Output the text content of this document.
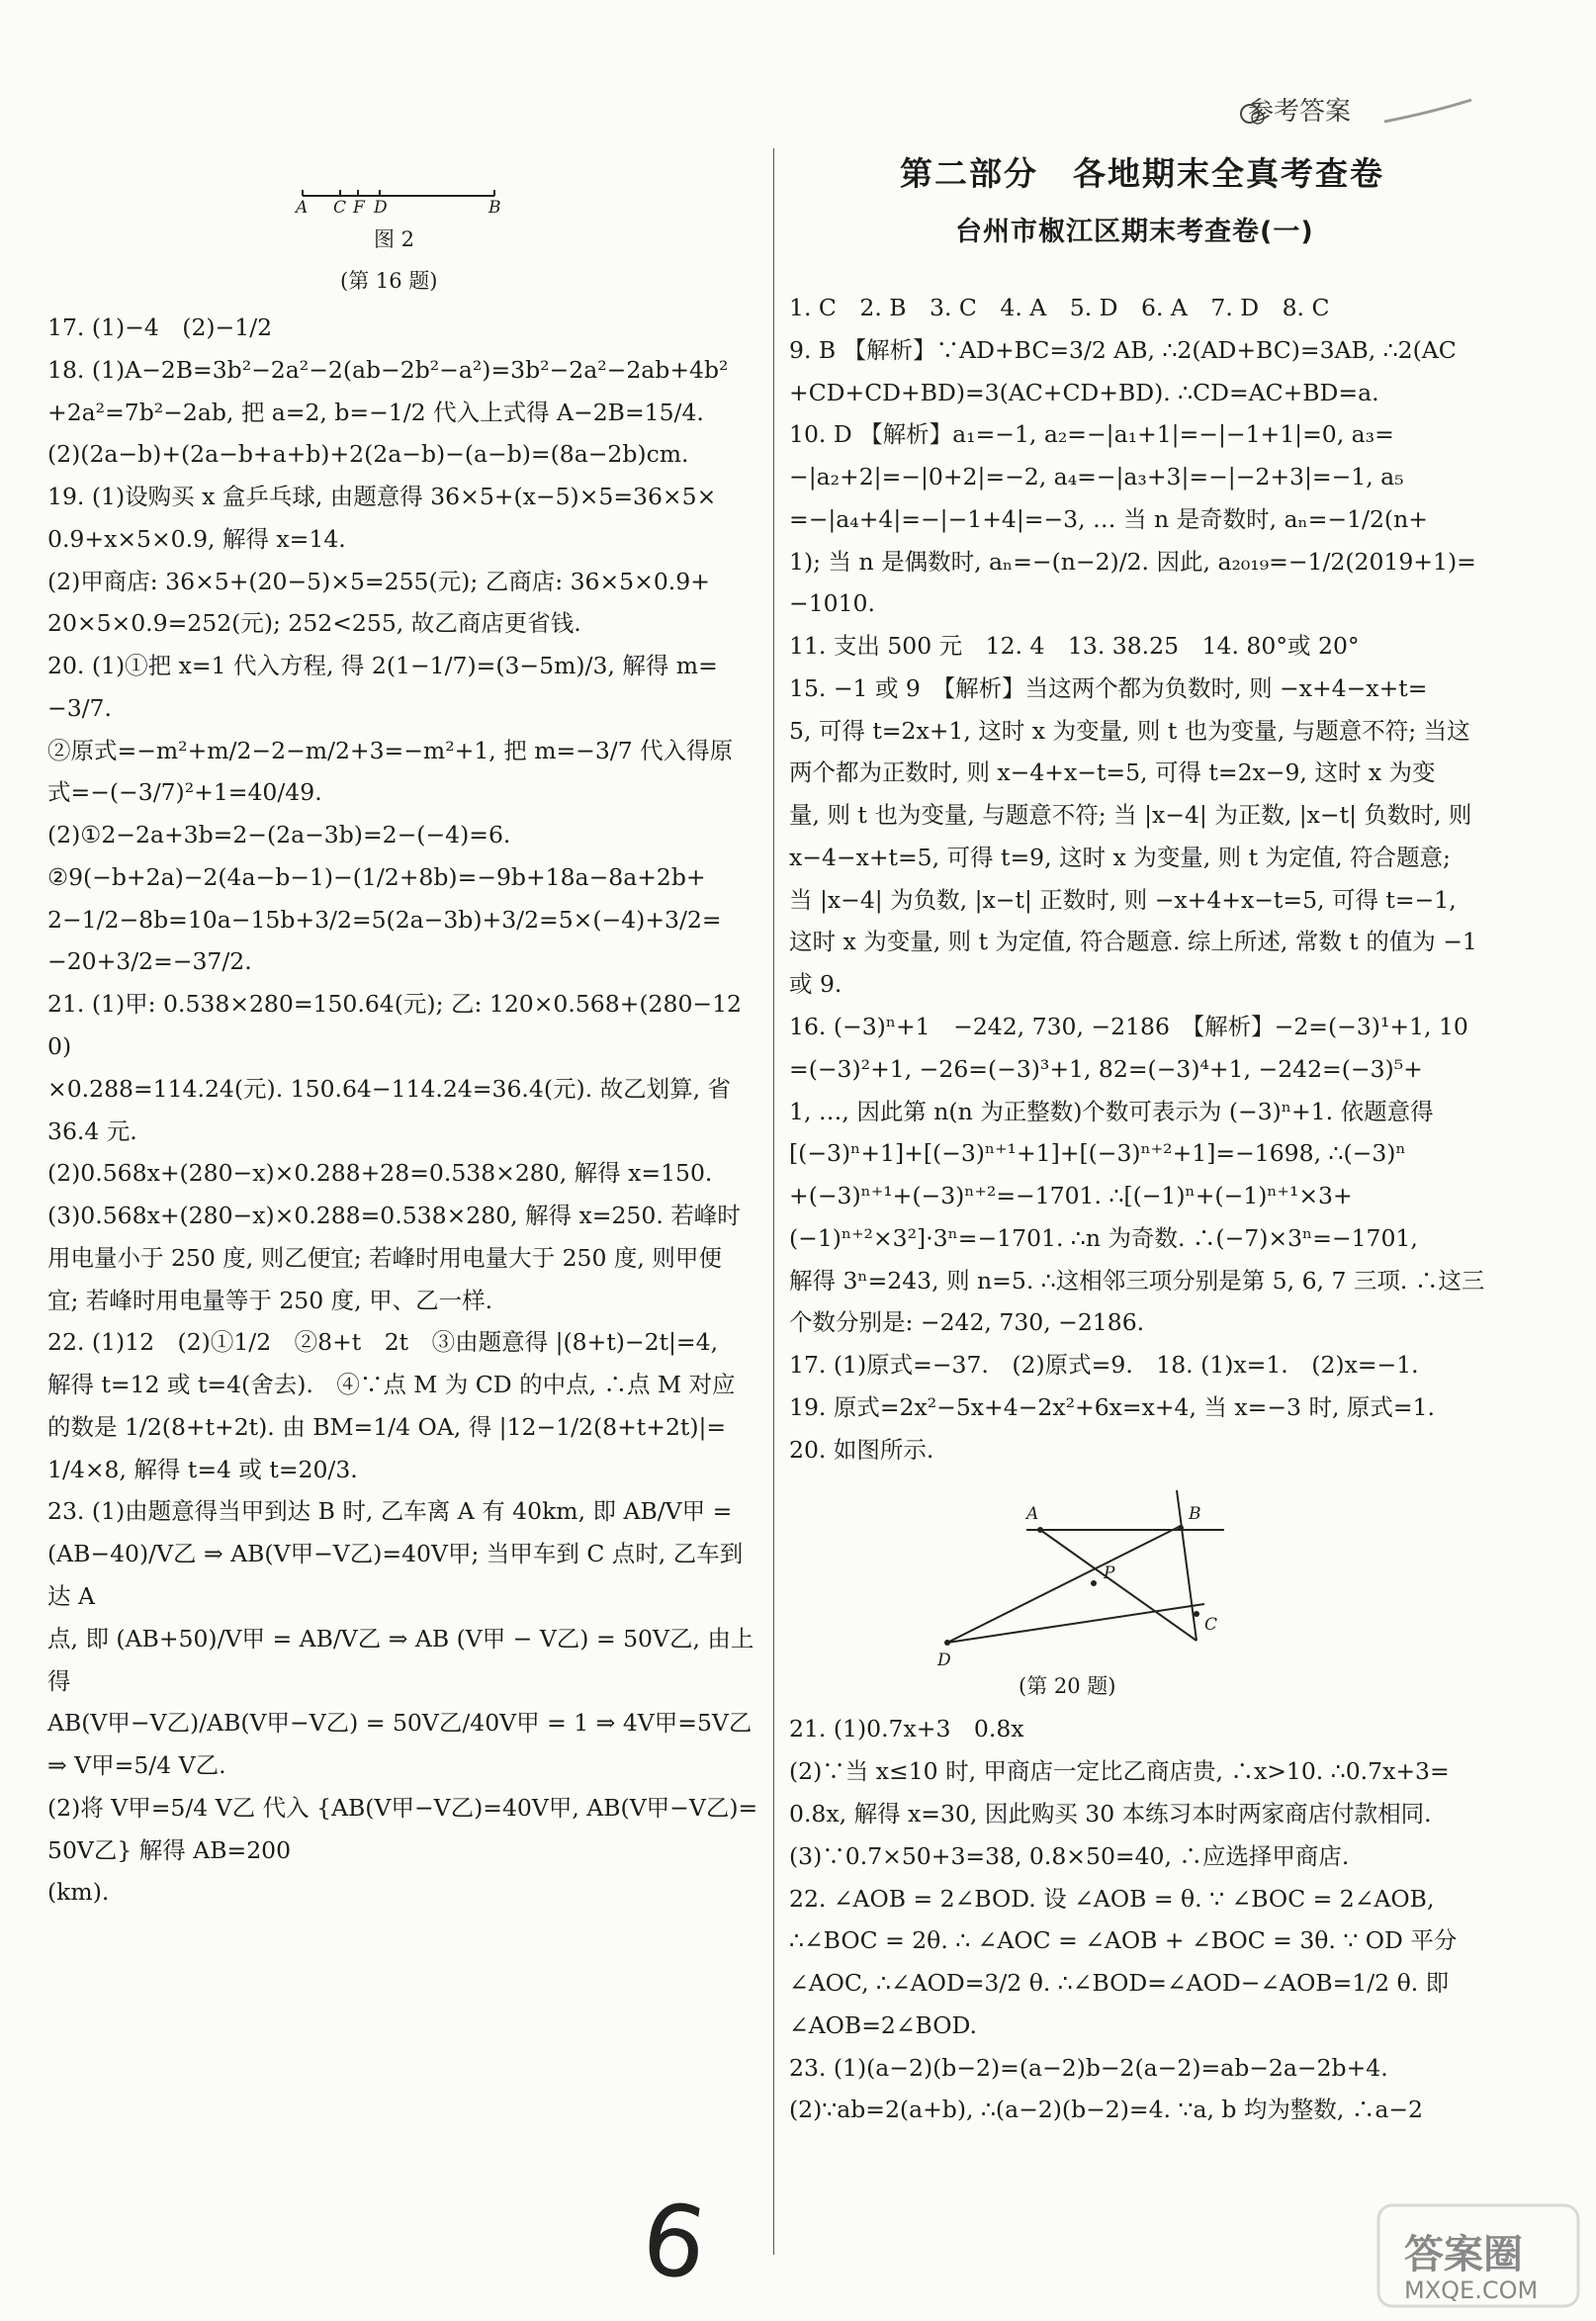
参考答案
第二部分　各地期末全真考查卷
台州市椒江区期末考查卷(一)
A C F D	B
图 2
(第 16 题)

17. (1)−4　(2)−1/2

18. (1)A−2B=3b²−2a²−2(ab−2b²−a²)=3b²−2a²−2ab+4b²

+2a²=7b²−2ab, 把 a=2, b=−1/2 代入上式得 A−2B=15/4.

(2)(2a−b)+(2a−b+a+b)+2(2a−b)−(a−b)=(8a−2b)cm.

19. (1)设购买 x 盒乒乓球, 由题意得 36×5+(x−5)×5=36×5×

0.9+x×5×0.9, 解得 x=14.

(2)甲商店: 36×5+(20−5)×5=255(元); 乙商店: 36×5×0.9+

20×5×0.9=252(元); 252<255, 故乙商店更省钱.

20. (1)①把 x=1 代入方程, 得 2(1−1/7)=(3−5m)/3, 解得 m=

−3/7.

②原式=−m²+m/2−2−m/2+3=−m²+1, 把 m=−3/7 代入得原

式=−(−3/7)²+1=40/49.

(2)①2−2a+3b=2−(2a−3b)=2−(−4)=6.

②9(−b+2a)−2(4a−b−1)−(1/2+8b)=−9b+18a−8a+2b+

2−1/2−8b=10a−15b+3/2=5(2a−3b)+3/2=5×(−4)+3/2=

−20+3/2=−37/2.

21. (1)甲: 0.538×280=150.64(元); 乙: 120×0.568+(280−120)

×0.288=114.24(元). 150.64−114.24=36.4(元). 故乙划算, 省

36.4 元.

(2)0.568x+(280−x)×0.288+28=0.538×280, 解得 x=150.

(3)0.568x+(280−x)×0.288=0.538×280, 解得 x=250. 若峰时

用电量小于 250 度, 则乙便宜; 若峰时用电量大于 250 度, 则甲便

宜; 若峰时用电量等于 250 度, 甲、乙一样.

22. (1)12　(2)①1/2　②8+t　2t　③由题意得 |(8+t)−2t|=4,

解得 t=12 或 t=4(舍去).　④∵点 M 为 CD 的中点, ∴点 M 对应

的数是 1/2(8+t+2t). 由 BM=1/4 OA, 得 |12−1/2(8+t+2t)|=

1/4×8, 解得 t=4 或 t=20/3.

23. (1)由题意得当甲到达 B 时, 乙车离 A 有 40km, 即 AB/V甲 =

(AB−40)/V乙 ⇒ AB(V甲−V乙)=40V甲; 当甲车到 C 点时, 乙车到达 A

点, 即 (AB+50)/V甲 = AB/V乙 ⇒ AB (V甲 − V乙) = 50V乙, 由上得

AB(V甲−V乙)/AB(V甲−V乙) = 50V乙/40V甲 = 1 ⇒ 4V甲=5V乙 ⇒ V甲=5/4 V乙.

(2)将 V甲=5/4 V乙 代入 {AB(V甲−V乙)=40V甲, AB(V甲−V乙)=50V乙} 解得 AB=200

(km).

1. C　2. B　3. C　4. A　5. D　6. A　7. D　8. C

9. B 【解析】∵AD+BC=3/2 AB, ∴2(AD+BC)=3AB, ∴2(AC

+CD+CD+BD)=3(AC+CD+BD). ∴CD=AC+BD=a.

10. D 【解析】a₁=−1, a₂=−|a₁+1|=−|−1+1|=0, a₃=

−|a₂+2|=−|0+2|=−2, a₄=−|a₃+3|=−|−2+3|=−1, a₅

=−|a₄+4|=−|−1+4|=−3, … 当 n 是奇数时, aₙ=−1/2(n+

1); 当 n 是偶数时, aₙ=−(n−2)/2. 因此, a₂₀₁₉=−1/2(2019+1)=

−1010.

11. 支出 500 元　12. 4　13. 38.25　14. 80°或 20°

15. −1 或 9　【解析】当这两个都为负数时, 则 −x+4−x+t=

5, 可得 t=2x+1, 这时 x 为变量, 则 t 也为变量, 与题意不符; 当这

两个都为正数时, 则 x−4+x−t=5, 可得 t=2x−9, 这时 x 为变

量, 则 t 也为变量, 与题意不符; 当 |x−4| 为正数, |x−t| 负数时, 则

x−4−x+t=5, 可得 t=9, 这时 x 为变量, 则 t 为定值, 符合题意;

当 |x−4| 为负数, |x−t| 正数时, 则 −x+4+x−t=5, 可得 t=−1,

这时 x 为变量, 则 t 为定值, 符合题意. 综上所述, 常数 t 的值为 −1

或 9.

16. (−3)ⁿ+1　−242, 730, −2186　【解析】−2=(−3)¹+1, 10

=(−3)²+1, −26=(−3)³+1, 82=(−3)⁴+1, −242=(−3)⁵+

1, …, 因此第 n(n 为正整数)个数可表示为 (−3)ⁿ+1. 依题意得

[(−3)ⁿ+1]+[(−3)ⁿ⁺¹+1]+[(−3)ⁿ⁺²+1]=−1698, ∴(−3)ⁿ

+(−3)ⁿ⁺¹+(−3)ⁿ⁺²=−1701. ∴[(−1)ⁿ+(−1)ⁿ⁺¹×3+

(−1)ⁿ⁺²×3²]·3ⁿ=−1701. ∴n 为奇数. ∴(−7)×3ⁿ=−1701,

解得 3ⁿ=243, 则 n=5. ∴这相邻三项分别是第 5, 6, 7 三项. ∴这三

个数分别是: −242, 730, −2186.

17. (1)原式=−37.　(2)原式=9.　18. (1)x=1.　(2)x=−1.

19. 原式=2x²−5x+4−2x²+6x=x+4, 当 x=−3 时, 原式=1.

20. 如图所示.

A	B
P
C
D
(第 20 题)

21. (1)0.7x+3　0.8x

(2)∵当 x≤10 时, 甲商店一定比乙商店贵, ∴x>10. ∴0.7x+3=

0.8x, 解得 x=30, 因此购买 30 本练习本时两家商店付款相同.

(3)∵0.7×50+3=38, 0.8×50=40, ∴应选择甲商店.

22. ∠AOB = 2∠BOD. 设 ∠AOB = θ. ∵ ∠BOC = 2∠AOB,

∴∠BOC = 2θ. ∴ ∠AOC = ∠AOB + ∠BOC = 3θ. ∵ OD 平分

∠AOC, ∴∠AOD=3/2 θ. ∴∠BOD=∠AOD−∠AOB=1/2 θ. 即

∠AOB=2∠BOD.

23. (1)(a−2)(b−2)=(a−2)b−2(a−2)=ab−2a−2b+4.

(2)∵ab=2(a+b), ∴(a−2)(b−2)=4. ∵a, b 均为整数, ∴a−2

6	答案圈
MXQE.COM
